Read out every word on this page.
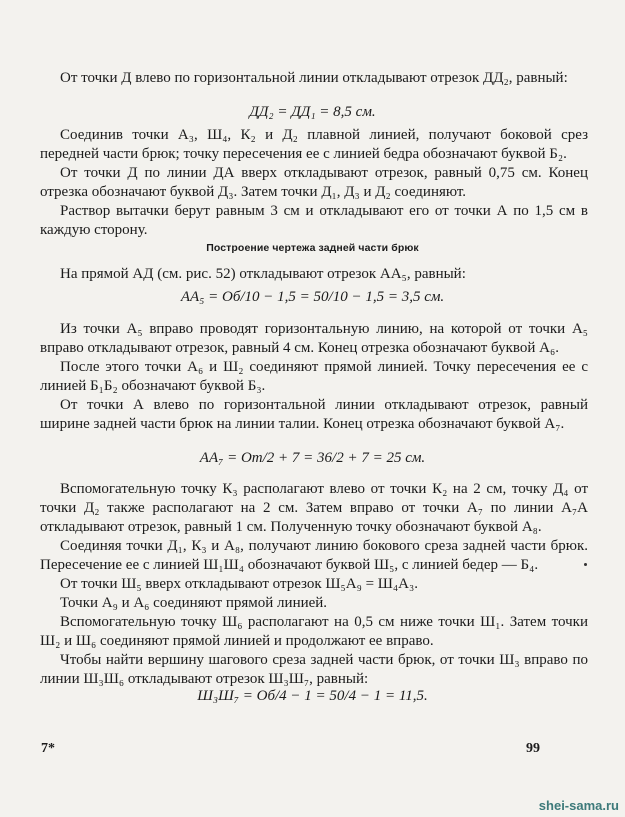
От точки Д влево по горизонтальной линии откладывают отрезок ДД₂, равный:

ДД₂ = ДД₁ = 8,5 см.

Соединив точки А₃, Ш₄, К₂ и Д₂ плавной линией, получают боковой срез передней части брюк; точку пересечения ее с линией бедра обозначают буквой Б₂.

От точки Д по линии ДА вверх откладывают отрезок, равный 0,75 см. Конец отрезка обозначают буквой Д₃. Затем точки Д₁, Д₃ и Д₂ соединяют.

Раствор вытачки берут равным 3 см и откладывают его от точки А по 1,5 см в каждую сторону.

Построение чертежа задней части брюк

На прямой АД (см. рис. 52) откладывают отрезок АА₅, равный:

АА₅ = Об/10 − 1,5 = 50/10 − 1,5 = 3,5 см.

Из точки А₅ вправо проводят горизонтальную линию, на которой от точки А₅ вправо откладывают отрезок, равный 4 см. Конец отрезка обозначают буквой А₆.

После этого точки А₆ и Ш₂ соединяют прямой линией. Точку пересечения ее с линией Б₁Б₂ обозначают буквой Б₃.

От точки А влево по горизонтальной линии откладывают отрезок, равный ширине задней части брюк на линии талии. Конец отрезка обозначают буквой А₇.

АА₇ = От/2 + 7 = 36/2 + 7 = 25 см.

Вспомогательную точку К₃ располагают влево от точки К₂ на 2 см, точку Д₄ от точки Д₂ также располагают на 2 см. Затем вправо от точки А₇ по линии А₇А откладывают отрезок, равный 1 см. Полученную точку обозначают буквой А₈.

Соединяя точки Д₁, К₃ и А₈, получают линию бокового среза задней части брюк. Пересечение ее с линией Ш₁Ш₄ обозначают буквой Ш₅, с линией бедер — Б₄.

От точки Ш₅ вверх откладывают отрезок Ш₅А₉ = Ш₄А₃.

Точки А₉ и А₆ соединяют прямой линией.

Вспомогательную точку Ш₆ располагают на 0,5 см ниже точки Ш₁. Затем точки Ш₂ и Ш₆ соединяют прямой линией и продолжают ее вправо.

Чтобы найти вершину шагового среза задней части брюк, от точки Ш₃ вправо по линии Ш₃Ш₆ откладывают отрезок Ш₃Ш₇, равный:

Ш₃Ш₇ = Об/4 − 1 = 50/4 − 1 = 11,5.
7*	99
shei-sama.ru
